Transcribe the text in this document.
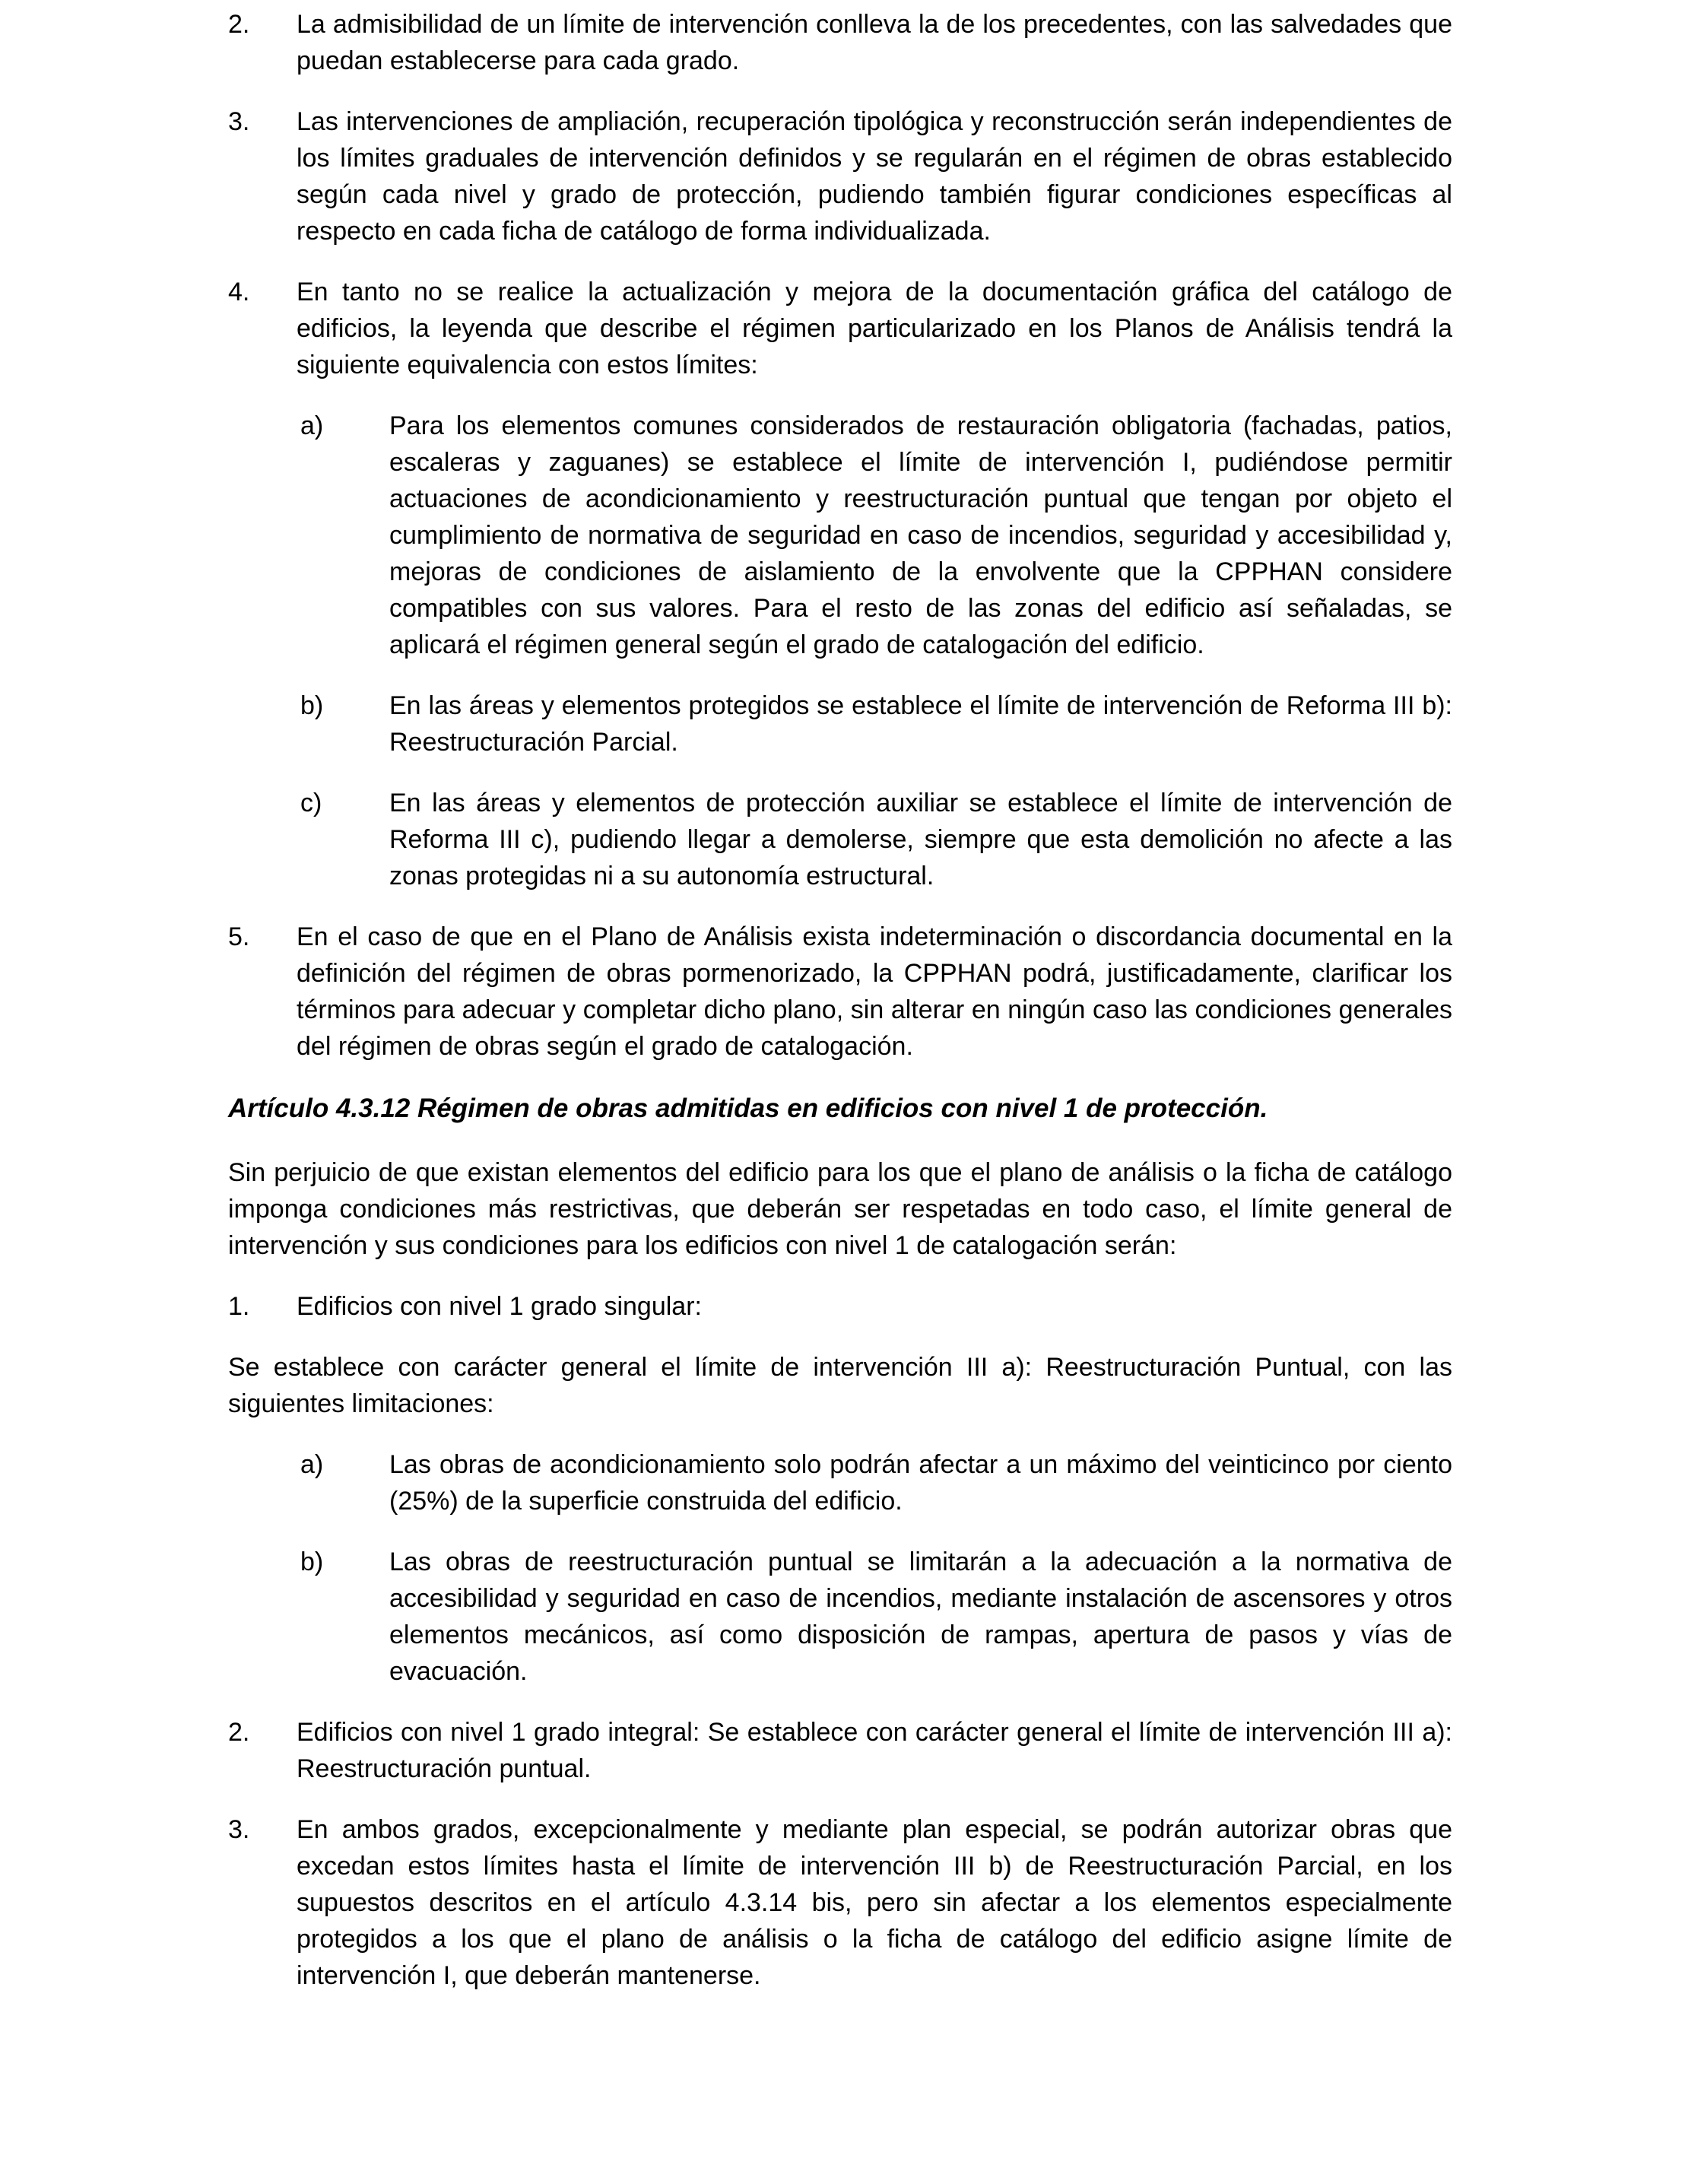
2.	La admisibilidad de un límite de intervención conlleva la de los precedentes, con las salvedades que puedan establecerse para cada grado.
3.	Las intervenciones de ampliación, recuperación tipológica y reconstrucción serán independientes de los límites graduales de intervención definidos y se regularán en el régimen de obras establecido según cada nivel y grado de protección, pudiendo también figurar condiciones específicas al respecto en cada ficha de catálogo de forma individualizada.
4.	En tanto no se realice la actualización y mejora de la documentación gráfica del catálogo de edificios, la leyenda que describe el régimen particularizado en los Planos de Análisis tendrá la siguiente equivalencia con estos límites:
a)	Para los elementos comunes considerados de restauración obligatoria (fachadas, patios, escaleras y zaguanes) se establece el límite de intervención I, pudiéndose permitir actuaciones de acondicionamiento y reestructuración puntual que tengan por objeto el cumplimiento de normativa de seguridad en caso de incendios, seguridad y accesibilidad y, mejoras de condiciones de aislamiento de la envolvente que la CPPHAN considere compatibles con sus valores. Para el resto de las zonas del edificio así señaladas, se aplicará el régimen general según el grado de catalogación del edificio.
b)	En las áreas y elementos protegidos se establece el límite de intervención de Reforma III b): Reestructuración Parcial.
c)	En las áreas y elementos de protección auxiliar se establece el límite de intervención de Reforma III c), pudiendo llegar a demolerse, siempre que esta demolición no afecte a las zonas protegidas ni a su autonomía estructural.
5.	En el caso de que en el Plano de Análisis exista indeterminación o discordancia documental en la definición del régimen de obras pormenorizado, la CPPHAN podrá, justificadamente, clarificar los términos para adecuar y completar dicho plano, sin alterar en ningún caso las condiciones generales del régimen de obras según el grado de catalogación.
Artículo 4.3.12 Régimen de obras admitidas en edificios con nivel 1 de protección.

Sin perjuicio de que existan elementos del edificio para los que el plano de análisis o la ficha de catálogo imponga condiciones más restrictivas, que deberán ser respetadas en todo caso, el límite general de intervención y sus condiciones para los edificios con nivel 1 de catalogación serán:

1.	Edificios con nivel 1 grado singular:

Se establece con carácter general el límite de intervención III a): Reestructuración Puntual, con las siguientes limitaciones:

a)	Las obras de acondicionamiento solo podrán afectar a un máximo del veinticinco por ciento (25%) de la superficie construida del edificio.
b)	Las obras de reestructuración puntual se limitarán a la adecuación a la normativa de accesibilidad y seguridad en caso de incendios, mediante instalación de ascensores y otros elementos mecánicos, así como disposición de rampas, apertura de pasos y vías de evacuación.
2.	Edificios con nivel 1 grado integral: Se establece con carácter general el límite de intervención III a): Reestructuración puntual.
3.	En ambos grados, excepcionalmente y mediante plan especial, se podrán autorizar obras que excedan estos límites hasta el límite de intervención III b) de Reestructuración Parcial, en los supuestos descritos en el artículo 4.3.14 bis, pero sin afectar a los elementos especialmente protegidos a los que el plano de análisis o la ficha de catálogo del edificio asigne límite de intervención I, que deberán mantenerse.
